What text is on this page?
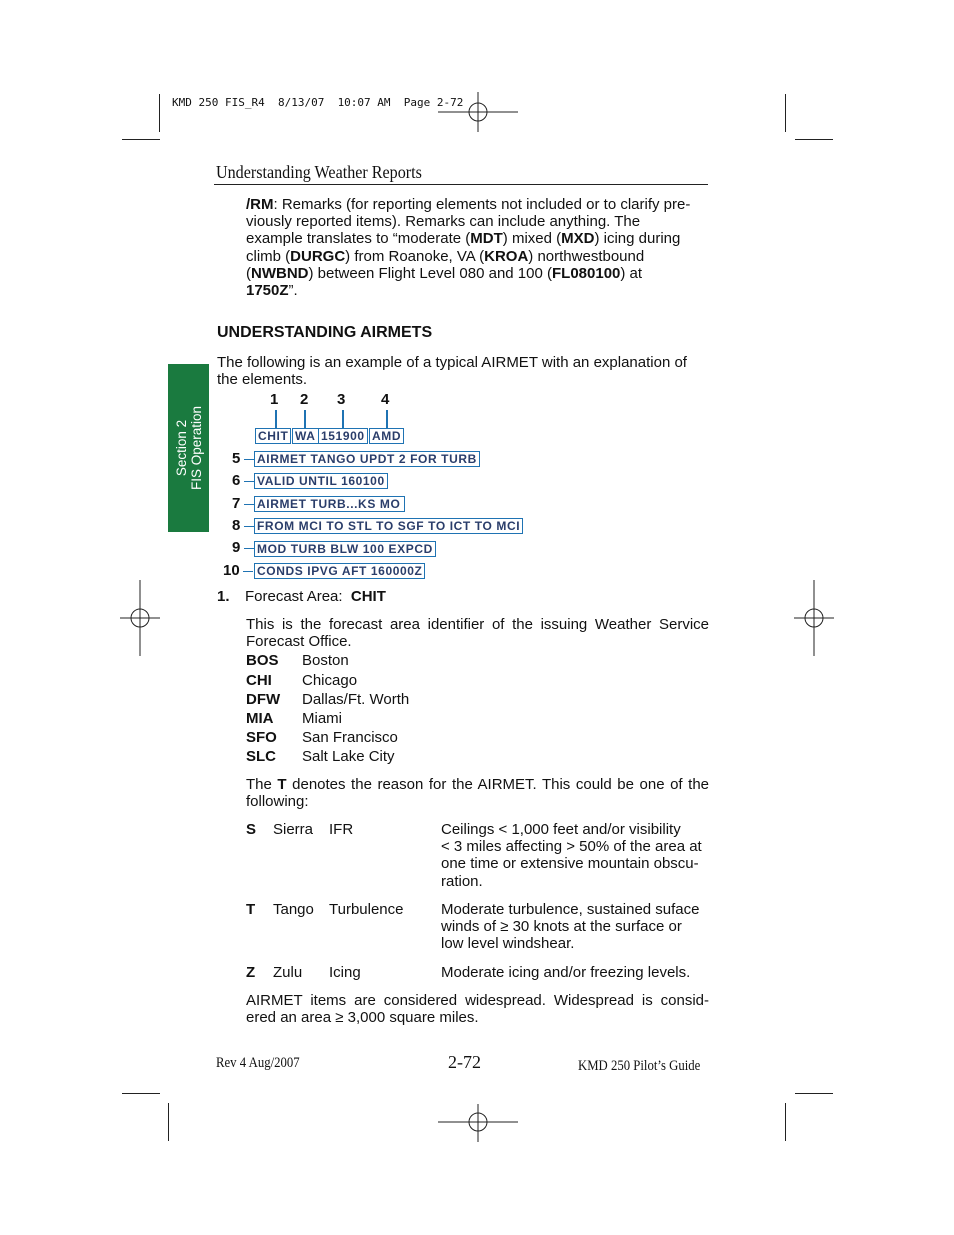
KMD 250 FIS_R4  8/13/07  10:07 AM  Page 2-72
Understanding Weather Reports
/RM: Remarks (for reporting elements not included or to clarify pre-
viously reported items). Remarks can include anything. The
example translates to “moderate (MDT) mixed (MXD) icing during
climb (DURGC) from Roanoke, VA (KROA) northwestbound
(NWBND) between Flight Level 080 and 100 (FL080100) at
1750Z”.
UNDERSTANDING AIRMETS
The following is an example of a typical AIRMET with an explanation of
the elements.
Section 2 FIS Operation
1 2 3 4
CHIT WA 151900 AMD
5 AIRMET TANGO UPDT 2 FOR TURB
6 VALID UNTIL 160100
7 AIRMET TURB...KS MO
8 FROM MCI TO STL TO SGF TO ICT TO MCI
9 MOD TURB BLW 100 EXPCD
10 CONDS IPVG AFT 160000Z
1. Forecast Area: CHIT
This is the forecast area identifier of the issuing Weather Service
Forecast Office.
BOS Boston
CHI Chicago
DFW Dallas/Ft. Worth
MIA Miami
SFO San Francisco
SLC Salt Lake City
The T denotes the reason for the AIRMET. This could be one of the
following:
S Sierra IFR	Ceilings < 1,000 feet and/or visibility
< 3 miles affecting > 50% of the area at
one time or extensive mountain obscu-
ration.
T Tango Turbulence	Moderate turbulence, sustained suface
winds of ≥ 30 knots at the surface or
low level windshear.
Z Zulu Icing	Moderate icing and/or freezing levels.
AIRMET items are considered widespread. Widespread is consid-
ered an area ≥ 3,000 square miles.
Rev 4 Aug/2007	2-72	KMD 250 Pilot’s Guide
